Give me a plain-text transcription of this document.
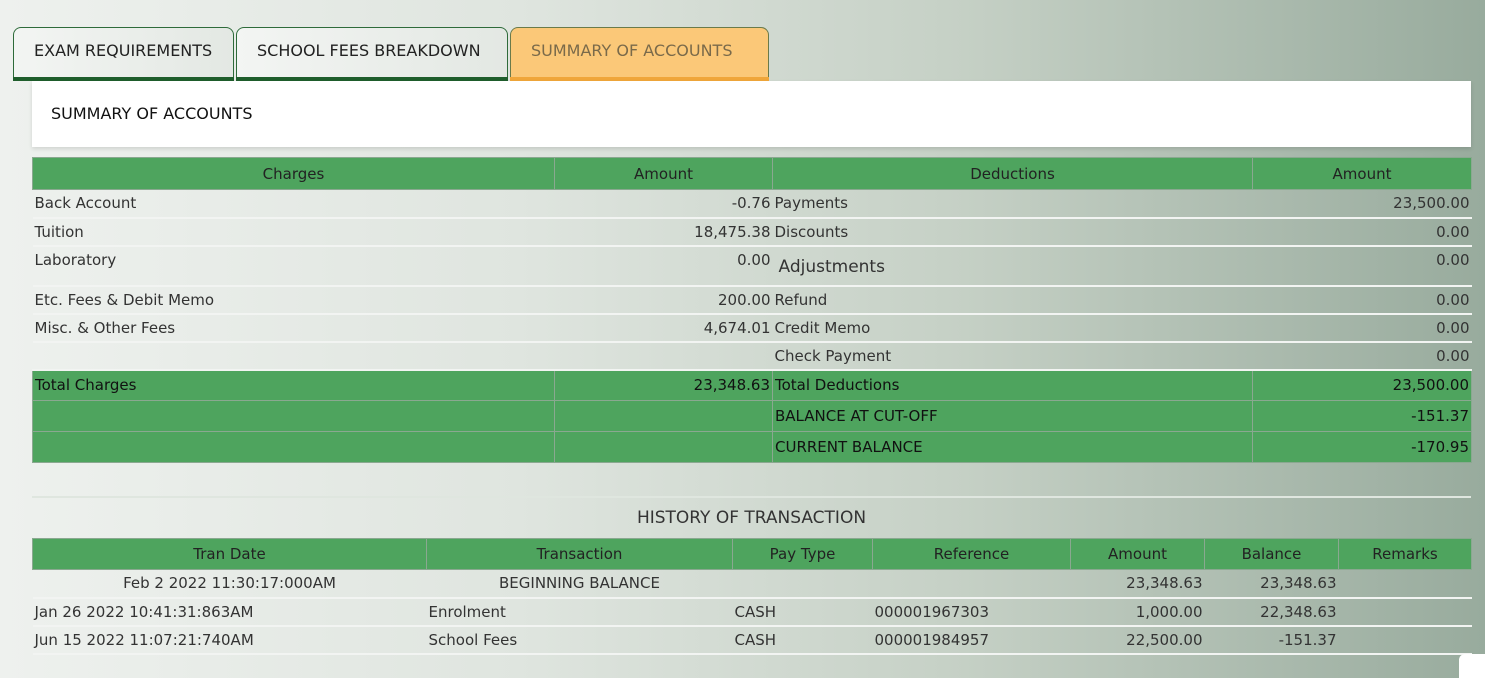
EXAM REQUIREMENTS	SCHOOL FEES BREAKDOWN	SUMMARY OF ACCOUNTS
SUMMARY OF ACCOUNTS
Charges	Amount	Deductions	Amount
Back Account	-0.76	Payments	23,500.00
Tuition	18,475.38	Discounts	0.00
Laboratory	0.00	Adjustments	0.00
Etc. Fees & Debit Memo	200.00	Refund	0.00
Misc. & Other Fees	4,674.01	Credit Memo	0.00
		Check Payment	0.00
Total Charges	23,348.63	Total Deductions	23,500.00
		BALANCE AT CUT-OFF	-151.37
		CURRENT BALANCE	-170.95
HISTORY OF TRANSACTION
Tran Date	Transaction	Pay Type	Reference	Amount	Balance	Remarks
Feb 2 2022 11:30:17:000AM	BEGINNING BALANCE			23,348.63	23,348.63	
Jan 26 2022 10:41:31:863AM	Enrolment	CASH	000001967303	1,000.00	22,348.63	
Jun 15 2022 11:07:21:740AM	School Fees	CASH	000001984957	22,500.00	-151.37	
